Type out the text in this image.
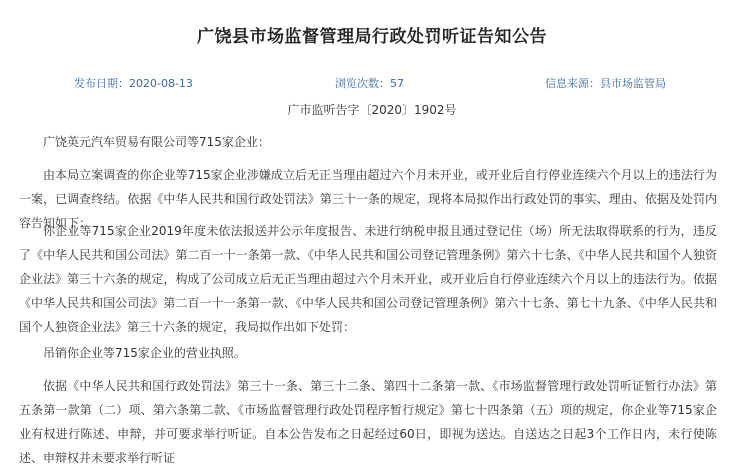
广饶县市场监督管理局行政处罚听证告知公告
发布日期：2020-08-13	浏览次数：57	信息来源：县市场监管局
广市监听告字〔2020〕1902号

广饶英元汽车贸易有限公司等715家企业：

由本局立案调查的你企业等715家企业涉嫌成立后无正当理由超过六个月未开业，或开业后自行停业连续六个月以上的违法行为一案，已调查终结。依据《中华人民共和国行政处罚法》第三十一条的规定，现将本局拟作出行政处罚的事实、理由、依据及处罚内容告知如下：

你企业等715家企业2019年度未依法报送并公示年度报告、未进行纳税申报且通过登记住（场）所无法取得联系的行为，违反了《中华人民共和国公司法》第二百一十一条第一款、《中华人民共和国公司登记管理条例》第六十七条、《中华人民共和国个人独资企业法》第三十六条的规定，构成了公司成立后无正当理由超过六个月未开业，或开业后自行停业连续六个月以上的违法行为。依据《中华人民共和国公司法》第二百一十一条第一款、《中华人民共和国公司登记管理条例》第六十七条、第七十九条、《中华人民共和国个人独资企业法》第三十六条的规定，我局拟作出如下处罚：

吊销你企业等715家企业的营业执照。

依据《中华人民共和国行政处罚法》第三十一条、第三十二条、第四十二条第一款、《市场监督管理行政处罚听证暂行办法》第五条第一款第（二）项、第六条第二款、《市场监督管理行政处罚程序暂行规定》第七十四条第（五）项的规定，你企业等715家企业有权进行陈述、申辩，并可要求举行听证。自本公告发布之日起经过60日，即视为送达。自送达之日起3个工作日内，未行使陈述、申辩权并未要求举行听证
